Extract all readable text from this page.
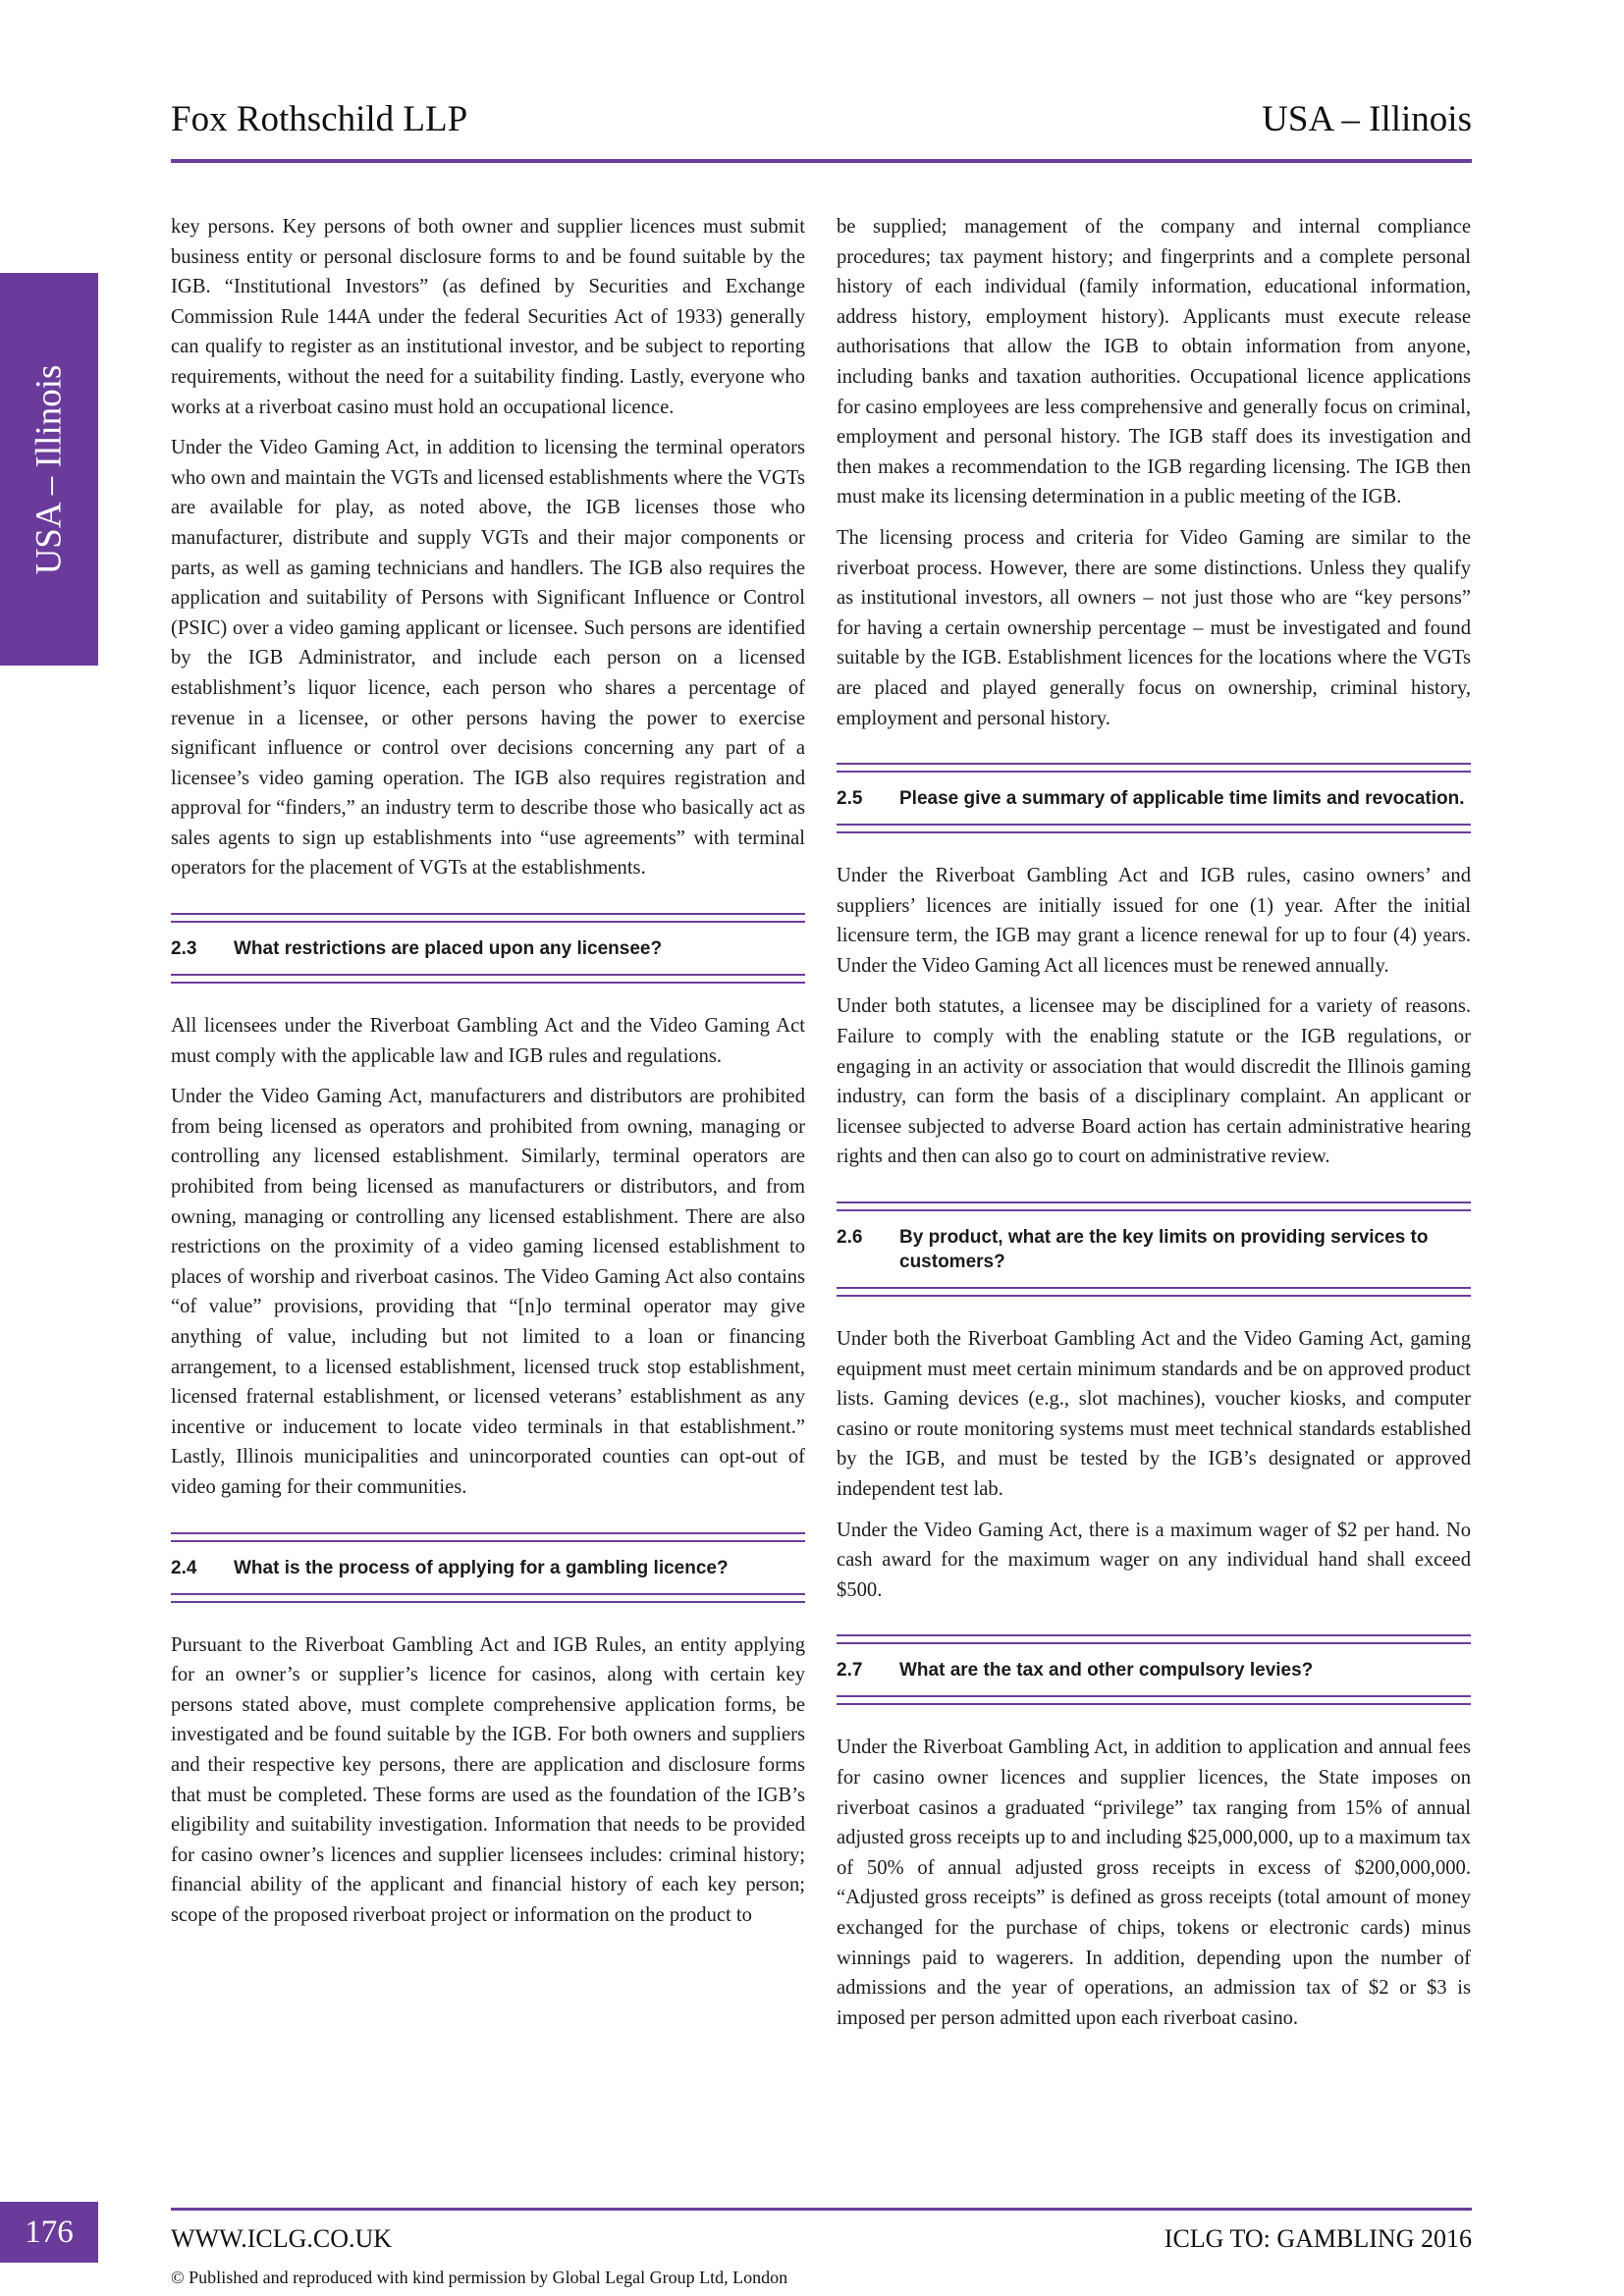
Fox Rothschild LLP	USA – Illinois
USA – Illinois

key persons. Key persons of both owner and supplier licences must submit business entity or personal disclosure forms to and be found suitable by the IGB. “Institutional Investors” (as defined by Securities and Exchange Commission Rule 144A under the federal Securities Act of 1933) generally can qualify to register as an institutional investor, and be subject to reporting requirements, without the need for a suitability finding. Lastly, everyone who works at a riverboat casino must hold an occupational licence.

Under the Video Gaming Act, in addition to licensing the terminal operators who own and maintain the VGTs and licensed establishments where the VGTs are available for play, as noted above, the IGB licenses those who manufacturer, distribute and supply VGTs and their major components or parts, as well as gaming technicians and handlers. The IGB also requires the application and suitability of Persons with Significant Influence or Control (PSIC) over a video gaming applicant or licensee. Such persons are identified by the IGB Administrator, and include each person on a licensed establishment’s liquor licence, each person who shares a percentage of revenue in a licensee, or other persons having the power to exercise significant influence or control over decisions concerning any part of a licensee’s video gaming operation. The IGB also requires registration and approval for “finders,” an industry term to describe those who basically act as sales agents to sign up establishments into “use agreements” with terminal operators for the placement of VGTs at the establishments.

2.3	What restrictions are placed upon any licensee?

All licensees under the Riverboat Gambling Act and the Video Gaming Act must comply with the applicable law and IGB rules and regulations.

Under the Video Gaming Act, manufacturers and distributors are prohibited from being licensed as operators and prohibited from owning, managing or controlling any licensed establishment. Similarly, terminal operators are prohibited from being licensed as manufacturers or distributors, and from owning, managing or controlling any licensed establishment. There are also restrictions on the proximity of a video gaming licensed establishment to places of worship and riverboat casinos. The Video Gaming Act also contains “of value” provisions, providing that “[n]o terminal operator may give anything of value, including but not limited to a loan or financing arrangement, to a licensed establishment, licensed truck stop establishment, licensed fraternal establishment, or licensed veterans’ establishment as any incentive or inducement to locate video terminals in that establishment.” Lastly, Illinois municipalities and unincorporated counties can opt-out of video gaming for their communities.

2.4	What is the process of applying for a gambling licence?

Pursuant to the Riverboat Gambling Act and IGB Rules, an entity applying for an owner’s or supplier’s licence for casinos, along with certain key persons stated above, must complete comprehensive application forms, be investigated and be found suitable by the IGB. For both owners and suppliers and their respective key persons, there are application and disclosure forms that must be completed. These forms are used as the foundation of the IGB’s eligibility and suitability investigation. Information that needs to be provided for casino owner’s licences and supplier licensees includes: criminal history; financial ability of the applicant and financial history of each key person; scope of the proposed riverboat project or information on the product to

be supplied; management of the company and internal compliance procedures; tax payment history; and fingerprints and a complete personal history of each individual (family information, educational information, address history, employment history). Applicants must execute release authorisations that allow the IGB to obtain information from anyone, including banks and taxation authorities. Occupational licence applications for casino employees are less comprehensive and generally focus on criminal, employment and personal history. The IGB staff does its investigation and then makes a recommendation to the IGB regarding licensing. The IGB then must make its licensing determination in a public meeting of the IGB.

The licensing process and criteria for Video Gaming are similar to the riverboat process. However, there are some distinctions. Unless they qualify as institutional investors, all owners – not just those who are “key persons” for having a certain ownership percentage – must be investigated and found suitable by the IGB. Establishment licences for the locations where the VGTs are placed and played generally focus on ownership, criminal history, employment and personal history.

2.5	Please give a summary of applicable time limits and revocation.

Under the Riverboat Gambling Act and IGB rules, casino owners’ and suppliers’ licences are initially issued for one (1) year. After the initial licensure term, the IGB may grant a licence renewal for up to four (4) years. Under the Video Gaming Act all licences must be renewed annually.

Under both statutes, a licensee may be disciplined for a variety of reasons. Failure to comply with the enabling statute or the IGB regulations, or engaging in an activity or association that would discredit the Illinois gaming industry, can form the basis of a disciplinary complaint. An applicant or licensee subjected to adverse Board action has certain administrative hearing rights and then can also go to court on administrative review.

2.6	By product, what are the key limits on providing services to customers?

Under both the Riverboat Gambling Act and the Video Gaming Act, gaming equipment must meet certain minimum standards and be on approved product lists. Gaming devices (e.g., slot machines), voucher kiosks, and computer casino or route monitoring systems must meet technical standards established by the IGB, and must be tested by the IGB’s designated or approved independent test lab.

Under the Video Gaming Act, there is a maximum wager of $2 per hand. No cash award for the maximum wager on any individual hand shall exceed $500.

2.7	What are the tax and other compulsory levies?

Under the Riverboat Gambling Act, in addition to application and annual fees for casino owner licences and supplier licences, the State imposes on riverboat casinos a graduated “privilege” tax ranging from 15% of annual adjusted gross receipts up to and including $25,000,000, up to a maximum tax of 50% of annual adjusted gross receipts in excess of $200,000,000. “Adjusted gross receipts” is defined as gross receipts (total amount of money exchanged for the purchase of chips, tokens or electronic cards) minus winnings paid to wagerers. In addition, depending upon the number of admissions and the year of operations, an admission tax of $2 or $3 is imposed per person admitted upon each riverboat casino.

176	WWW.ICLG.CO.UK	ICLG TO: GAMBLING 2016
© Published and reproduced with kind permission by Global Legal Group Ltd, London
